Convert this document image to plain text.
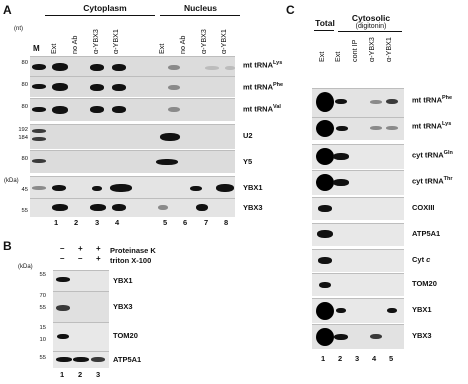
A	Cytoplasm	Nucleus
(nt)
M Ext no Ab α-YBX3 α-YBX1	Ext no Ab α-YBX3 α-YBX1
80
80
80
192
184
80
(kDa)
45
55
mt tRNA$^{Lys}$
mt tRNA$^{Phe}$
mt tRNA$^{Val}$
U2
Y5
YBX1
YBX3
1 2 3 4	5 6 7 8
B	– + + Proteinase K
– – + triton X-100
(kDa)
55
70
55
15
10
55
YBX1
YBX3
TOM20
ATP5A1
1 2 3
C
Total	Cytosolic
(digitonin)
Ext Ext cont IP α-YBX3 α-YBX1
mt tRNA$^{Phe}$
mt tRNA$^{Lys}$
cyt tRNA$^{Gln}$
cyt tRNA$^{Thr}$
COXIII
ATP5A1
Cyt c
TOM20
YBX1
YBX3
1 2 3 4 5
